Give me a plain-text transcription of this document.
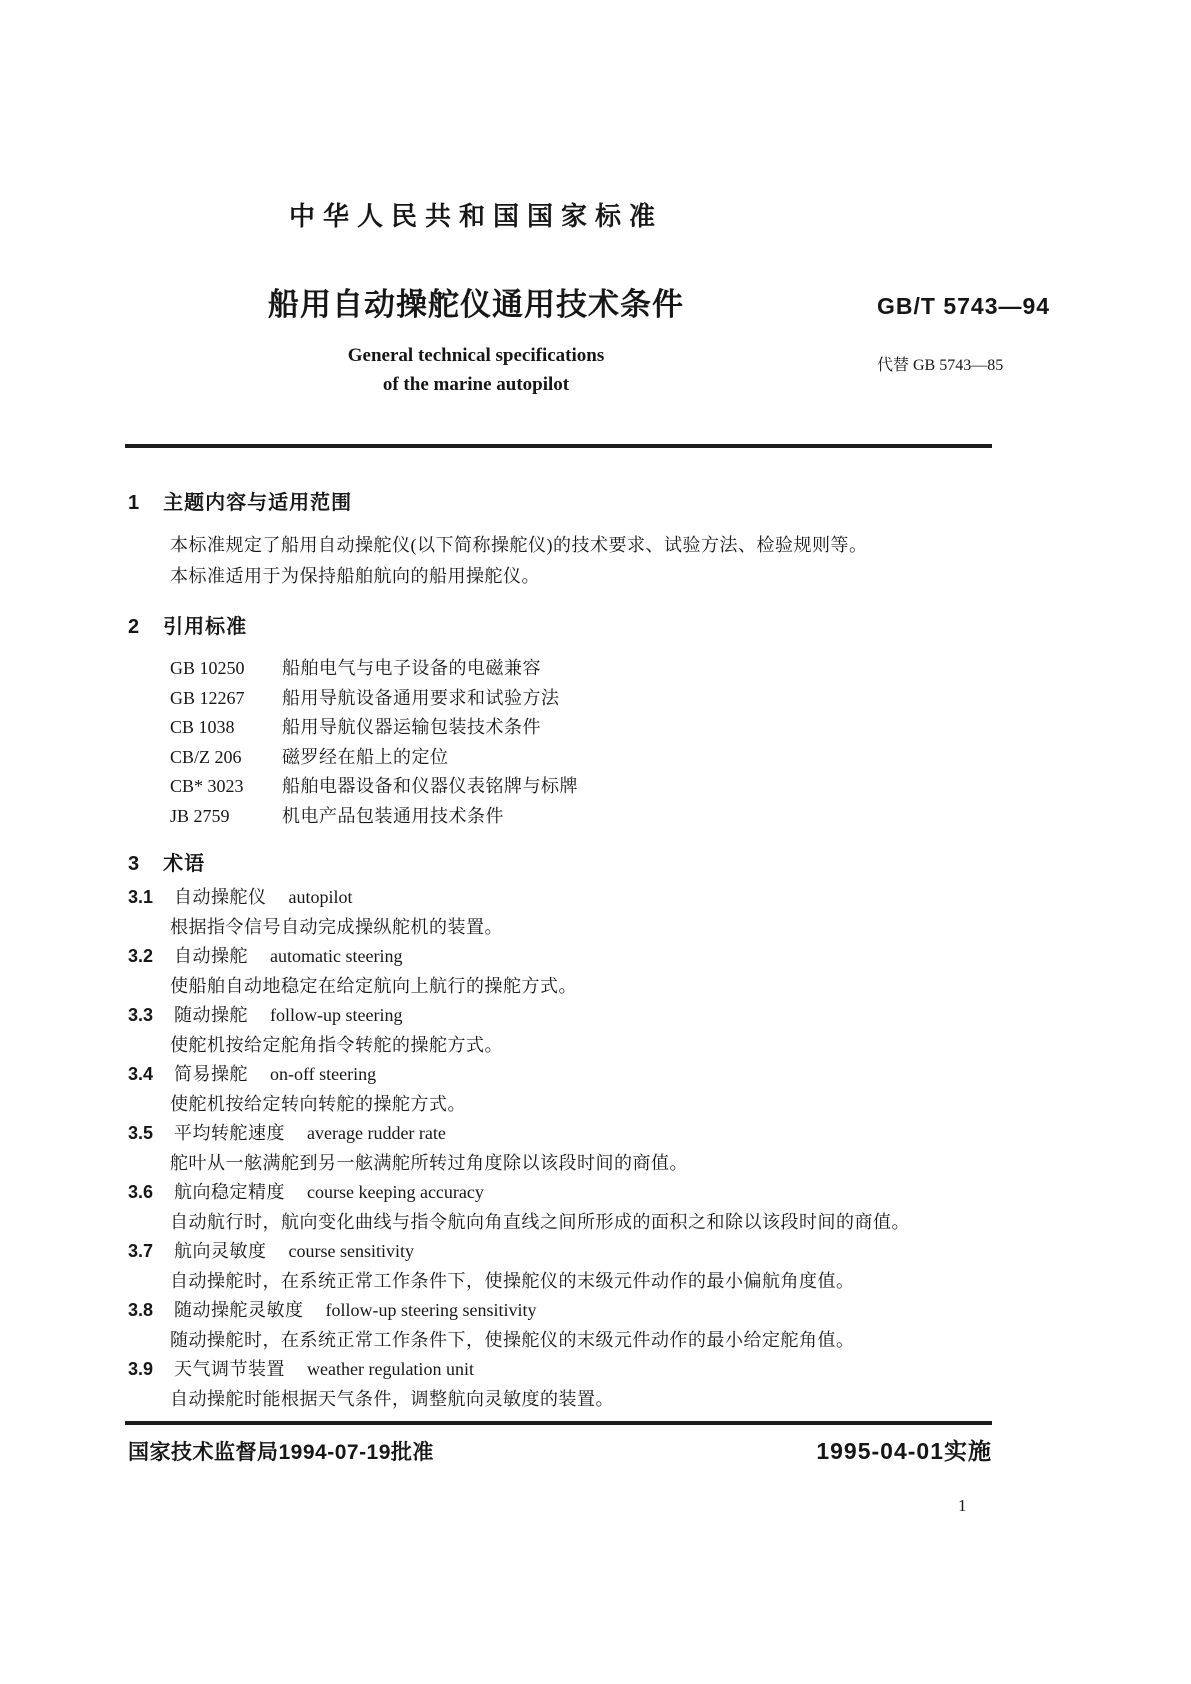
中华人民共和国国家标准
船用自动操舵仪通用技术条件	GB/T 5743—94
General technical specifications
of the marine autopilot
代替 GB 5743—85
1 主题内容与适用范围

本标准规定了船用自动操舵仪(以下简称操舵仪)的技术要求、试验方法、检验规则等。

本标准适用于为保持船舶航向的船用操舵仪。

2 引用标准
GB 10250 船舶电气与电子设备的电磁兼容
GB 12267 船用导航设备通用要求和试验方法
CB 1038	船用导航仪器运输包装技术条件
CB/Z 206 磁罗经在船上的定位
CB* 3023 船舶电器设备和仪器仪表铭牌与标牌
JB 2759	机电产品包装通用技术条件
3 术语
3.1 自动操舵仪 autopilot
根据指令信号自动完成操纵舵机的装置。
3.2 自动操舵 automatic steering
使船舶自动地稳定在给定航向上航行的操舵方式。
3.3 随动操舵 follow-up steering
使舵机按给定舵角指令转舵的操舵方式。
3.4 简易操舵 on-off steering
使舵机按给定转向转舵的操舵方式。
3.5 平均转舵速度 average rudder rate
舵叶从一舷满舵到另一舷满舵所转过角度除以该段时间的商值。
3.6 航向稳定精度 course keeping accuracy
自动航行时，航向变化曲线与指令航向角直线之间所形成的面积之和除以该段时间的商值。
3.7 航向灵敏度 course sensitivity
自动操舵时，在系统正常工作条件下，使操舵仪的末级元件动作的最小偏航角度值。
3.8 随动操舵灵敏度 follow-up steering sensitivity
随动操舵时，在系统正常工作条件下，使操舵仪的末级元件动作的最小给定舵角值。
3.9 天气调节装置 weather regulation unit
自动操舵时能根据天气条件，调整航向灵敏度的装置。
国家技术监督局1994-07-19批准	1995-04-01实施
1
